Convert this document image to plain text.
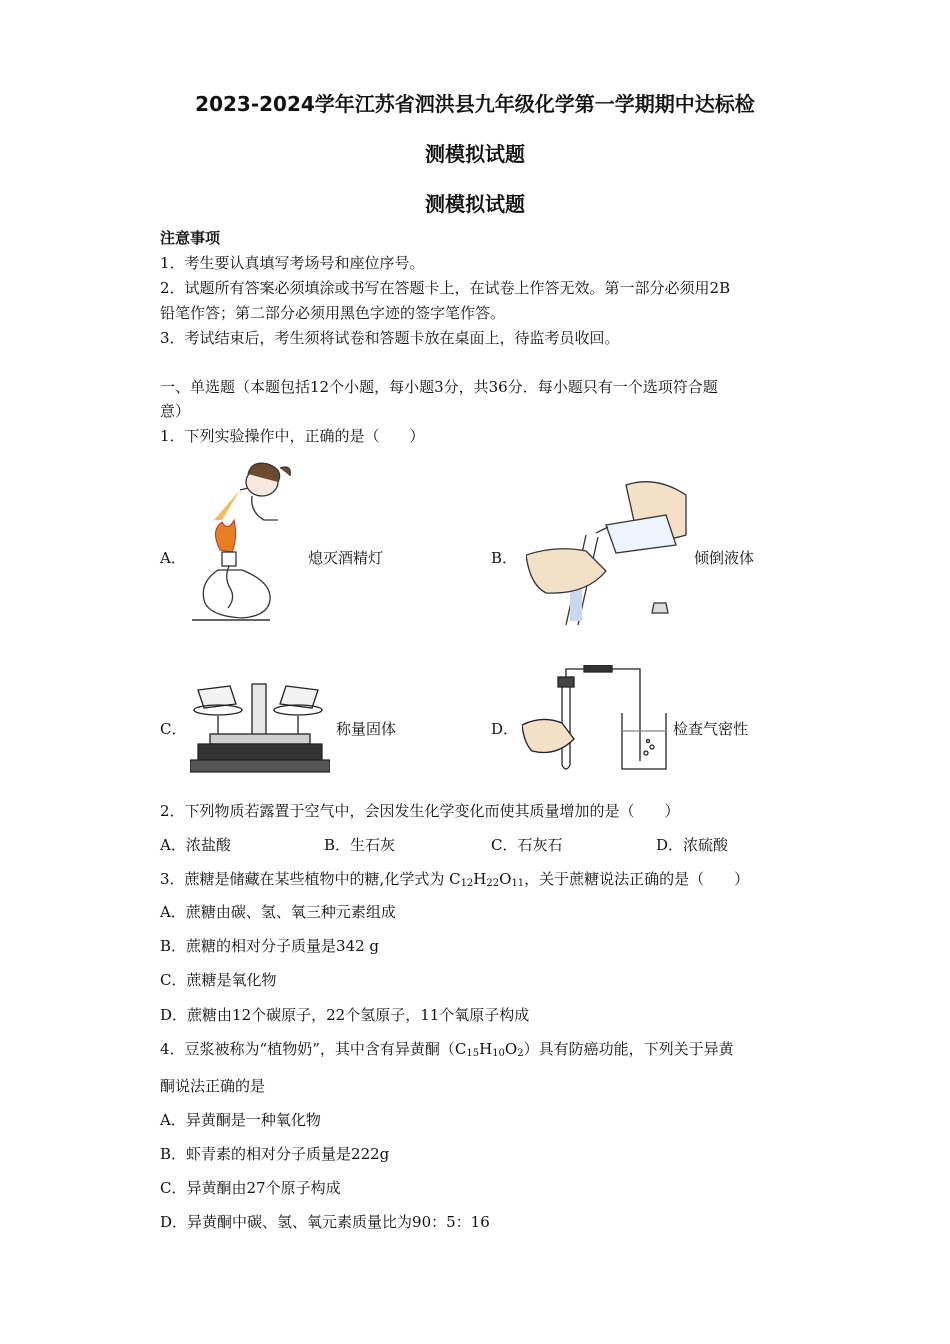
2023-2024学年江苏省泗洪县九年级化学第一学期期中达标检
测模拟试题
测模拟试题
注意事项
1．考生要认真填写考场号和座位序号。
2．试题所有答案必须填涂或书写在答题卡上，在试卷上作答无效。第一部分必须用2B
铅笔作答；第二部分必须用黑色字迹的签字笔作答。
3．考试结束后，考生须将试卷和答题卡放在桌面上，待监考员收回。
一、单选题（本题包括12个小题，每小题3分，共36分．每小题只有一个选项符合题
意）
1．下列实验操作中，正确的是（　　）
A．	熄灭酒精灯	B．	倾倒液体
C．	称量固体	D．	检查气密性
2．下列物质若露置于空气中，会因发生化学变化而使其质量增加的是（　　）
A．浓盐酸	B．生石灰	C．石灰石	D．浓硫酸
3．蔗糖是储藏在某些植物中的糖,化学式为 $C_{12}H_{22}O_{11}$，关于蔗糖说法正确的是（　　）
A．蔗糖由碳、氢、氧三种元素组成
B．蔗糖的相对分子质量是342 g
C．蔗糖是氧化物
D．蔗糖由12个碳原子，22个氢原子，11个氧原子构成
4．豆浆被称为“植物奶”，其中含有异黄酮$(C_{15}H_{10}O_2)$具有防癌功能，下列关于异黄
酮说法正确的是
A．异黄酮是一种氧化物
B．虾青素的相对分子质量是222g
C．异黄酮由27个原子构成
D．异黄酮中碳、氢、氧元素质量比为90：5：16
